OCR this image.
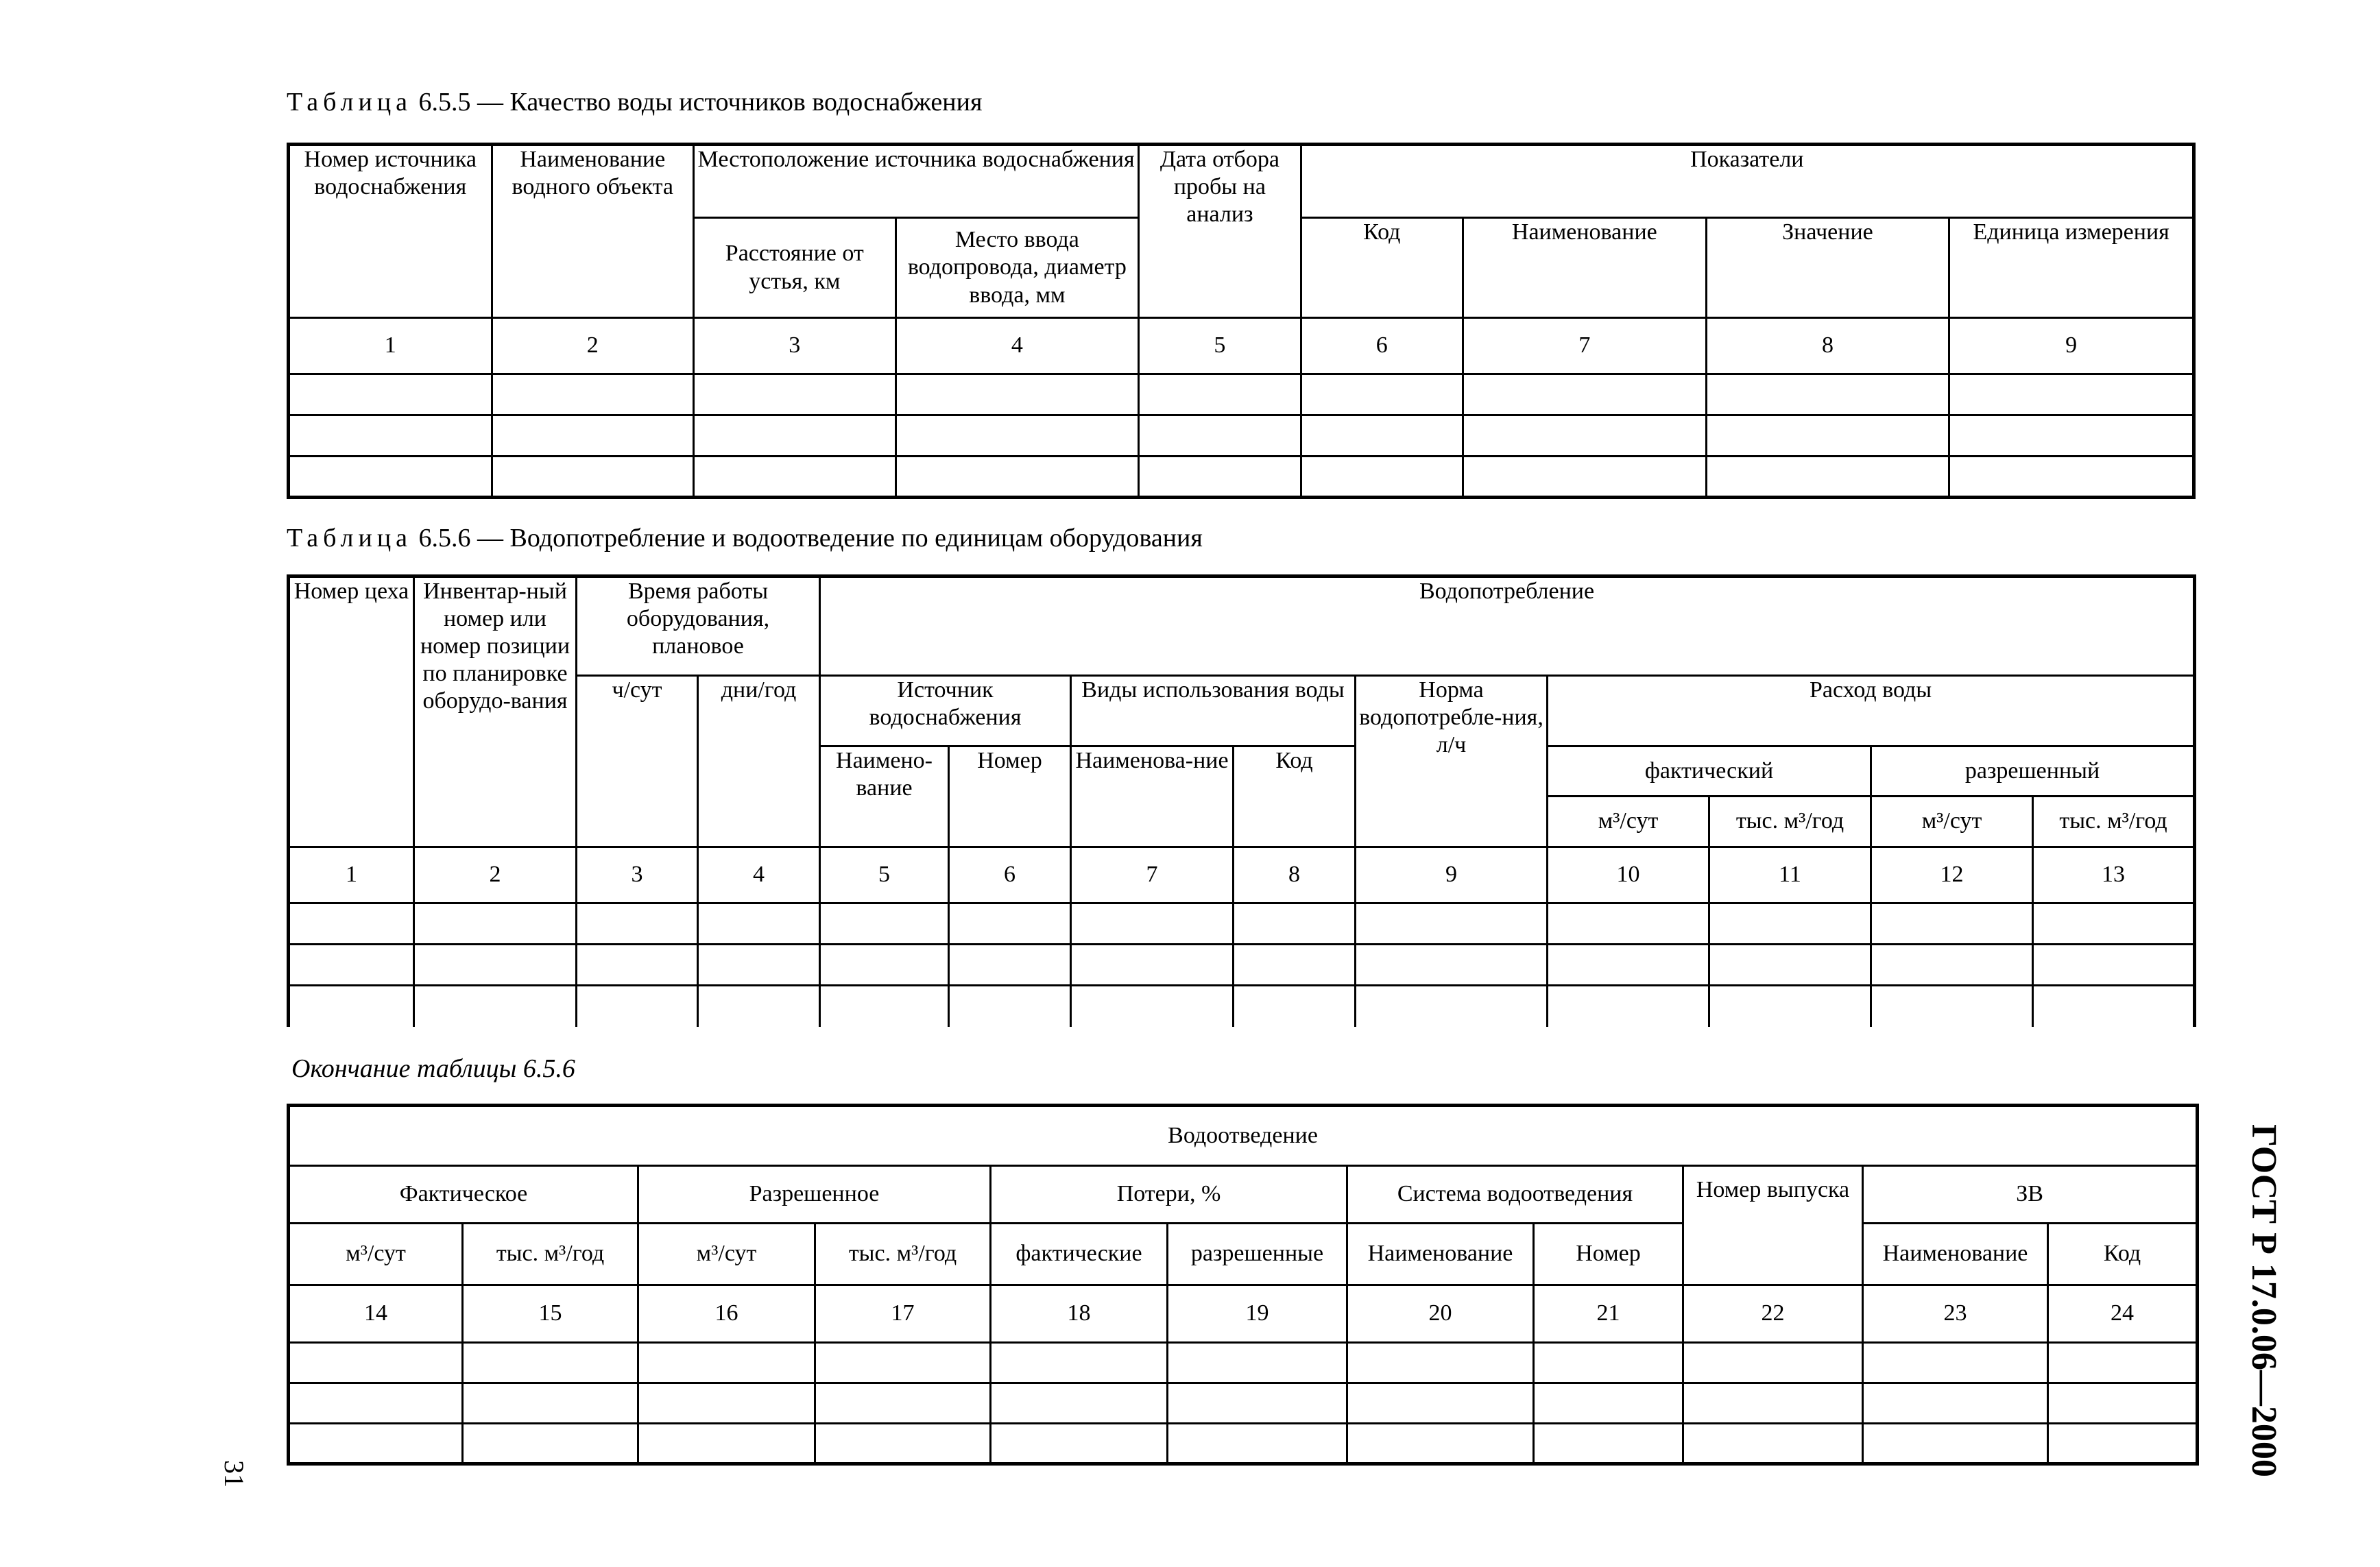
Таблица 6.5.5 — Качество воды источников водоснабжения
Номер источника водоснабжения	Наименование водного объекта	Местоположение источника водоснабжения		Дата отбора пробы на анализ	Показатели			
		Расстояние от устья, км	Место ввода водопровода, диаметр ввода, мм		Код	Наименование	Значение	Единица измерения
1	2	3	4	5	6	7	8	9

Таблица 6.5.6 — Водопотребление и водоотведение по единицам оборудования
Номер цеха	Инвентар-ный номер или номер позиции по планировке оборудо-вания	Время работы оборудования, плановое		Водопотребление								
		ч/сут	дни/год	Источник водоснабжения		Виды использования воды		Норма водопотребле-ния, л/ч	Расход воды			
				Наимено-вание	Номер	Наименова-ние	Код		фактический		разрешенный	
									м³/сут	тыс. м³/год	м³/сут	тыс. м³/год
1	2	3	4	5	6	7	8	9	10	11	12	13

Окончание таблицы 6.5.6
Водоотведение										
Фактическое		Разрешенное		Потери, %		Система водоотведения		Номер выпуска	ЗВ	
м³/сут	тыс. м³/год	м³/сут	тыс. м³/год	фактические	разрешенные	Наименование	Номер		Наименование	Код
14	15	16	17	18	19	20	21	22	23	24

											ГОСТ Р 17.0.06—2000
31
